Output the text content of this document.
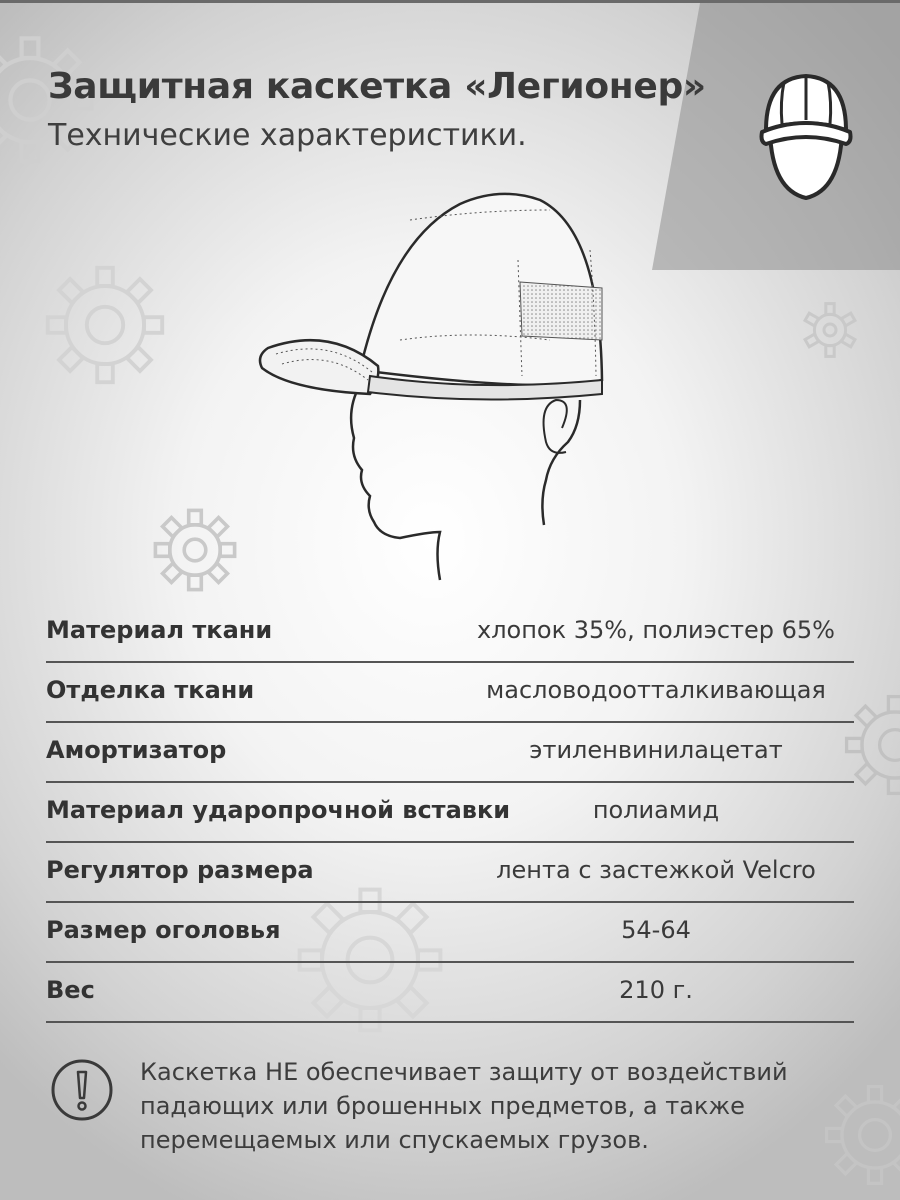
Защитная каскетка «Легионер»
Технические характеристики.
Материал ткани	хлопок 35%, полиэстер 65%
Отделка ткани	масловодоотталкивающая
Амортизатор	этиленвинилацетат
Материал ударопрочной вставки	полиамид
Регулятор размера	лента с застежкой Velcro
Размер оголовья	54-64
Вес	210 г.
Каскетка НЕ обеспечивает защиту от воздействий
падающих или брошенных предметов, а также
перемещаемых или спускаемых грузов.
